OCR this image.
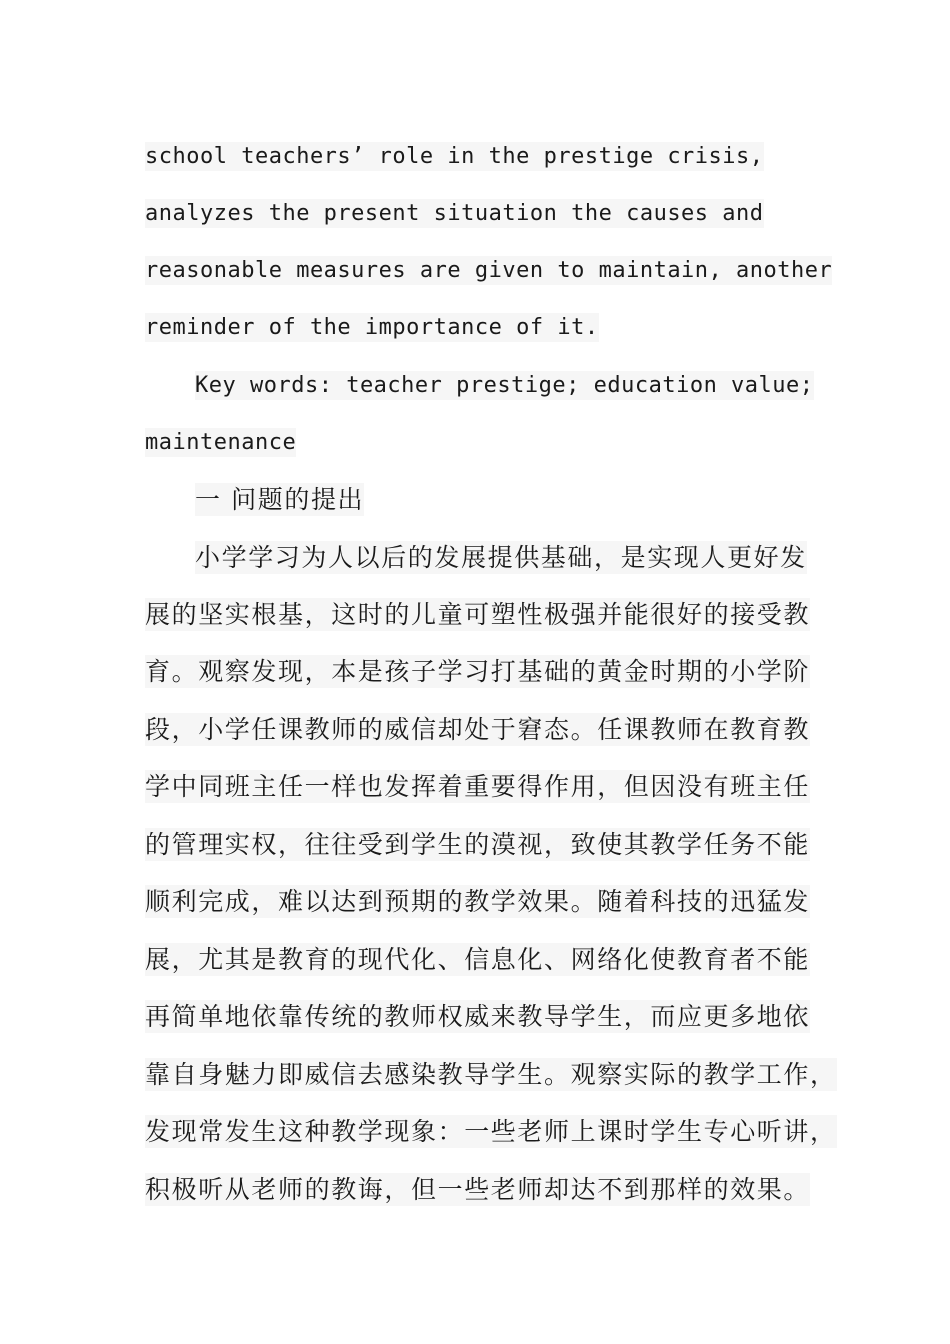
school teachers’ role in the prestige crisis,
analyzes the present situation the causes and
reasonable measures are given to maintain, another
reminder of the importance of it.
Key words: teacher prestige; education value;
maintenance
一 问题的提出
小学学习为人以后的发展提供基础，是实现人更好发
展的坚实根基，这时的儿童可塑性极强并能很好的接受教
育。观察发现，本是孩子学习打基础的黄金时期的小学阶
段，小学任课教师的威信却处于窘态。任课教师在教育教
学中同班主任一样也发挥着重要得作用，但因没有班主任
的管理实权，往往受到学生的漠视，致使其教学任务不能
顺利完成，难以达到预期的教学效果。随着科技的迅猛发
展，尤其是教育的现代化、信息化、网络化使教育者不能
再简单地依靠传统的教师权威来教导学生，而应更多地依
靠自身魅力即威信去感染教导学生。观察实际的教学工作，
发现常发生这种教学现象：一些老师上课时学生专心听讲，
积极听从老师的教诲，但一些老师却达不到那样的效果。
